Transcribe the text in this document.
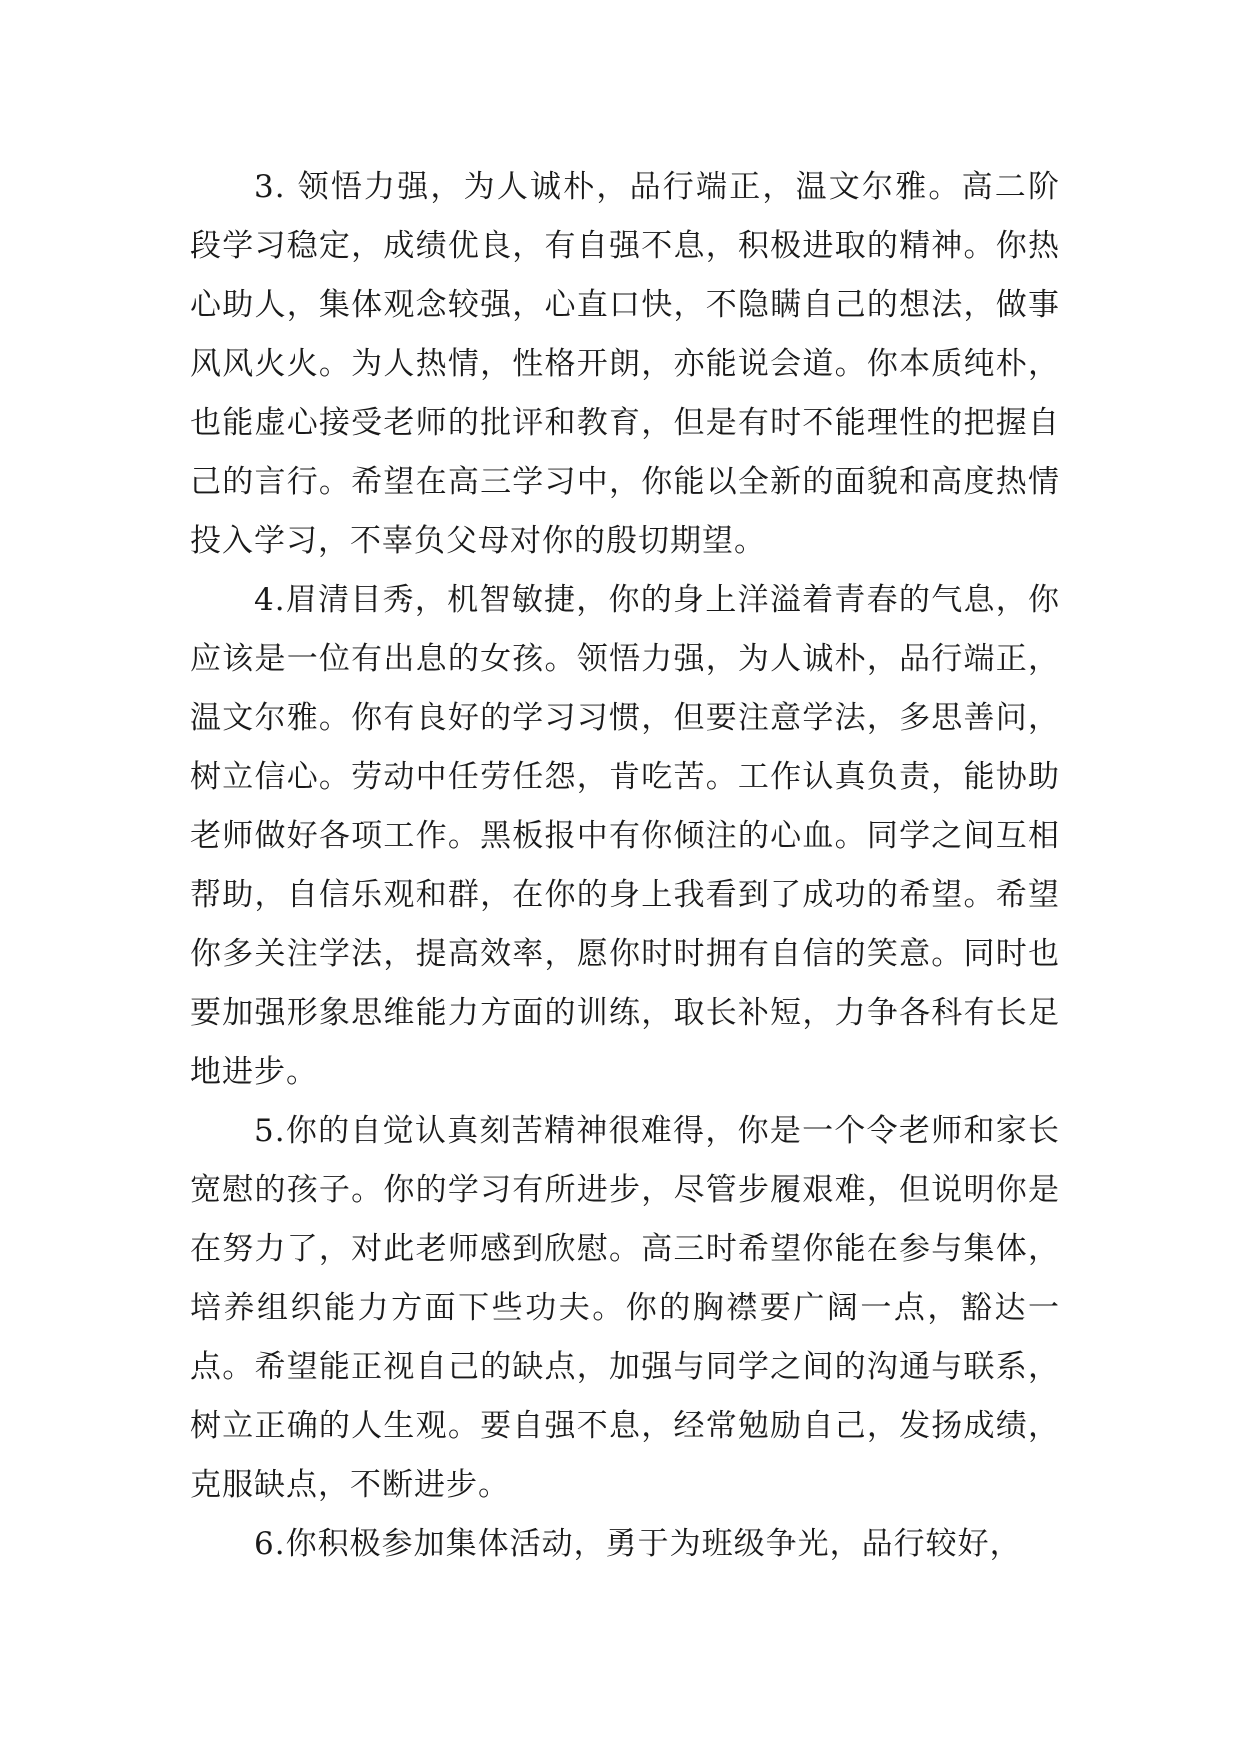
3. 领悟力强，为人诚朴，品行端正，温文尔雅。高二阶段学习稳定，成绩优良，有自强不息，积极进取的精神。你热心助人，集体观念较强，心直口快，不隐瞒自己的想法，做事风风火火。为人热情，性格开朗，亦能说会道。你本质纯朴，也能虚心接受老师的批评和教育，但是有时不能理性的把握自己的言行。希望在高三学习中，你能以全新的面貌和高度热情投入学习，不辜负父母对你的殷切期望。

4.眉清目秀，机智敏捷，你的身上洋溢着青春的气息，你应该是一位有出息的女孩。领悟力强，为人诚朴，品行端正，温文尔雅。你有良好的学习习惯，但要注意学法，多思善问，树立信心。劳动中任劳任怨，肯吃苦。工作认真负责，能协助老师做好各项工作。黑板报中有你倾注的心血。同学之间互相帮助，自信乐观和群，在你的身上我看到了成功的希望。希望你多关注学法，提高效率，愿你时时拥有自信的笑意。同时也要加强形象思维能力方面的训练，取长补短，力争各科有长足地进步。

5.你的自觉认真刻苦精神很难得，你是一个令老师和家长宽慰的孩子。你的学习有所进步，尽管步履艰难，但说明你是在努力了，对此老师感到欣慰。高三时希望你能在参与集体，培养组织能力方面下些功夫。你的胸襟要广阔一点，豁达一点。希望能正视自己的缺点，加强与同学之间的沟通与联系，树立正确的人生观。要自强不息，经常勉励自己，发扬成绩，克服缺点，不断进步。

6.你积极参加集体活动，勇于为班级争光，品行较好，
